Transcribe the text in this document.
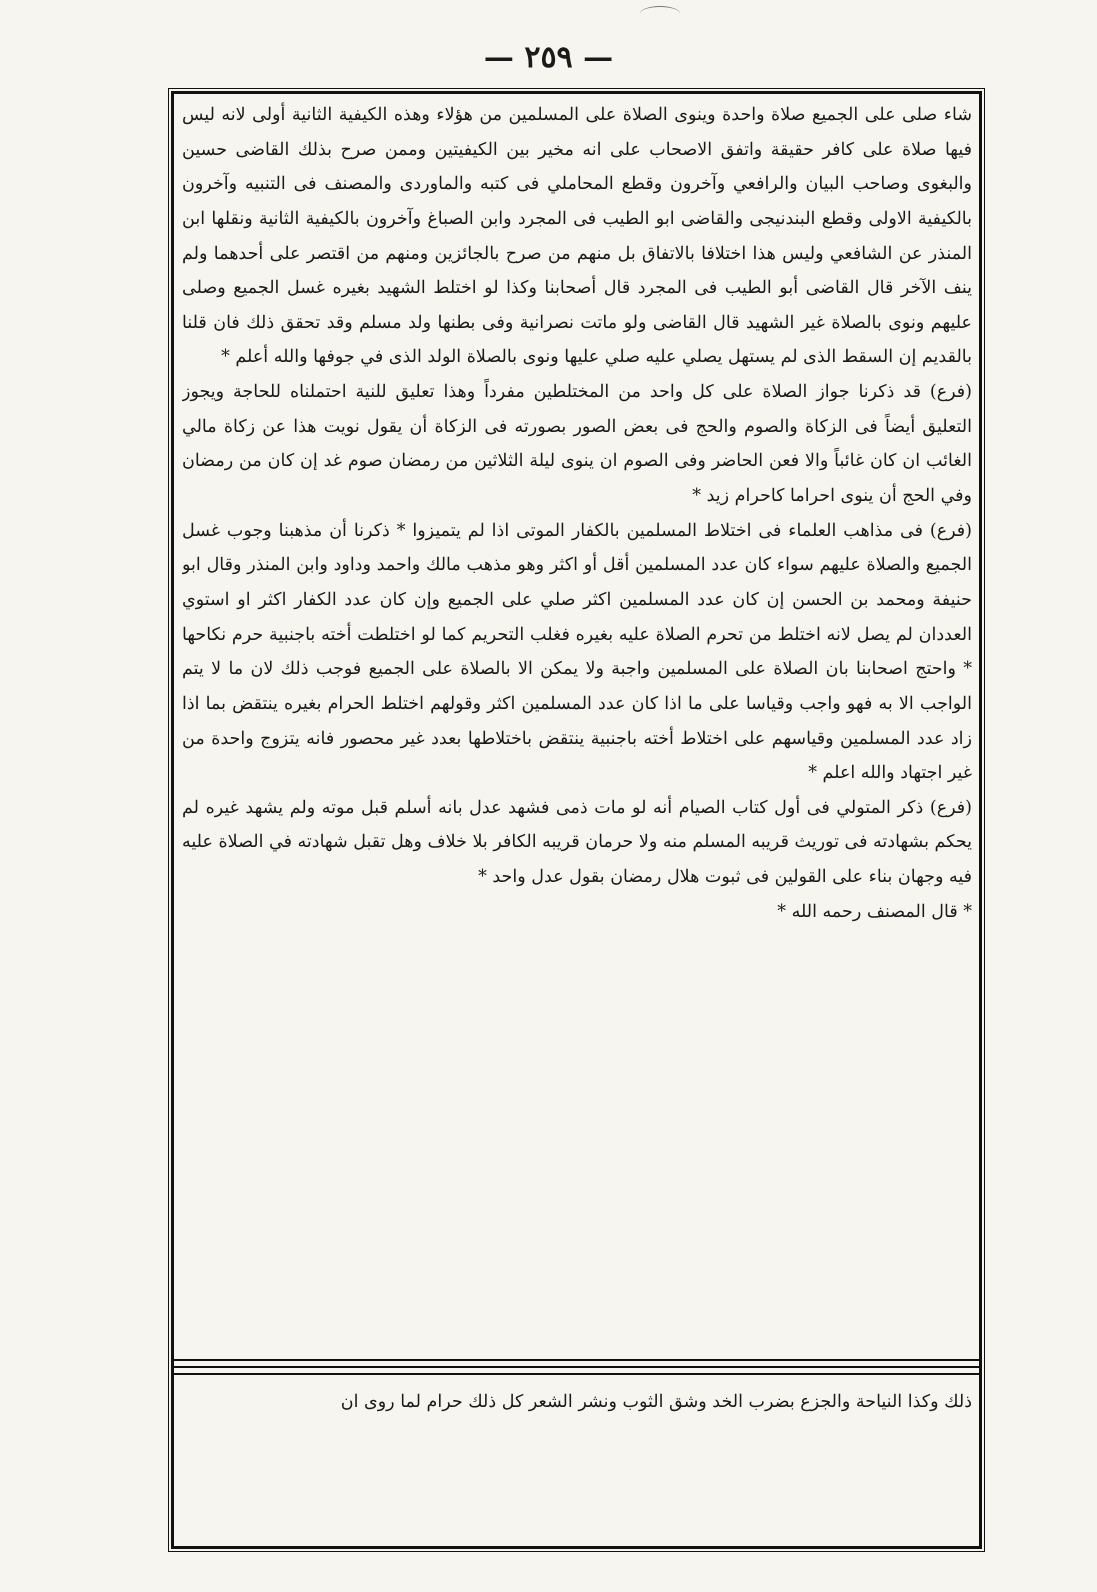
— ٢٥٩ —

شاء صلى على الجميع صلاة واحدة وينوى الصلاة على المسلمين من هؤلاء وهذه الكيفية الثانية أولى لانه ليس فيها صلاة على كافر حقيقة واتفق الاصحاب على انه مخير بين الكيفيتين وممن صرح بذلك القاضى حسين والبغوى وصاحب البيان والرافعي وآخرون وقطع المحاملي فى كتبه والماوردى والمصنف فى التنبيه وآخرون بالكيفية الاولى وقطع البندنيجى والقاضى ابو الطيب فى المجرد وابن الصباغ وآخرون بالكيفية الثانية ونقلها ابن المنذر عن الشافعي وليس هذا اختلافا بالاتفاق بل منهم من صرح بالجائزين ومنهم من اقتصر على أحدهما ولم ينف الآخر قال القاضى أبو الطيب فى المجرد قال أصحابنا وكذا لو اختلط الشهيد بغيره غسل الجميع وصلى عليهم ونوى بالصلاة غير الشهيد قال القاضى ولو ماتت نصرانية وفى بطنها ولد مسلم وقد تحقق ذلك فان قلنا بالقديم إن السقط الذى لم يستهل يصلي عليه صلي عليها ونوى بالصلاة الولد الذى في جوفها والله أعلم *

(فرع) قد ذكرنا جواز الصلاة على كل واحد من المختلطين مفرداً وهذا تعليق للنية احتملناه للحاجة ويجوز التعليق أيضاً فى الزكاة والصوم والحج فى بعض الصور بصورته فى الزكاة أن يقول نويت هذا عن زكاة مالي الغائب ان كان غائباً والا فعن الحاضر وفى الصوم ان ينوى ليلة الثلاثين من رمضان صوم غد إن كان من رمضان وفي الحج أن ينوى احراما كاحرام زيد *

(فرع) فى مذاهب العلماء فى اختلاط المسلمين بالكفار الموتى اذا لم يتميزوا * ذكرنا أن مذهبنا وجوب غسل الجميع والصلاة عليهم سواء كان عدد المسلمين أقل أو اكثر وهو مذهب مالك واحمد وداود وابن المنذر وقال ابو حنيفة ومحمد بن الحسن إن كان عدد المسلمين اكثر صلي على الجميع وإن كان عدد الكفار اكثر او استوي العددان لم يصل لانه اختلط من تحرم الصلاة عليه بغيره فغلب التحريم كما لو اختلطت أخته باجنبية حرم نكاحها * واحتج اصحابنا بان الصلاة على المسلمين واجبة ولا يمكن الا بالصلاة على الجميع فوجب ذلك لان ما لا يتم الواجب الا به فهو واجب وقياسا على ما اذا كان عدد المسلمين اكثر وقولهم اختلط الحرام بغيره ينتقض بما اذا زاد عدد المسلمين وقياسهم على اختلاط أخته باجنبية ينتقض باختلاطها بعدد غير محصور فانه يتزوج واحدة من غير اجتهاد والله اعلم *

(فرع) ذكر المتولي فى أول كتاب الصيام أنه لو مات ذمى فشهد عدل بانه أسلم قبل موته ولم يشهد غيره لم يحكم بشهادته فى توريث قريبه المسلم منه ولا حرمان قريبه الكافر بلا خلاف وهل تقبل شهادته في الصلاة عليه فيه وجهان بناء على القولين فى ثبوت هلال رمضان بقول عدل واحد *

* قال المصنف رحمه الله *

ذلك وكذا النياحة والجزع بضرب الخد وشق الثوب ونشر الشعر كل ذلك حرام لما روى ان
